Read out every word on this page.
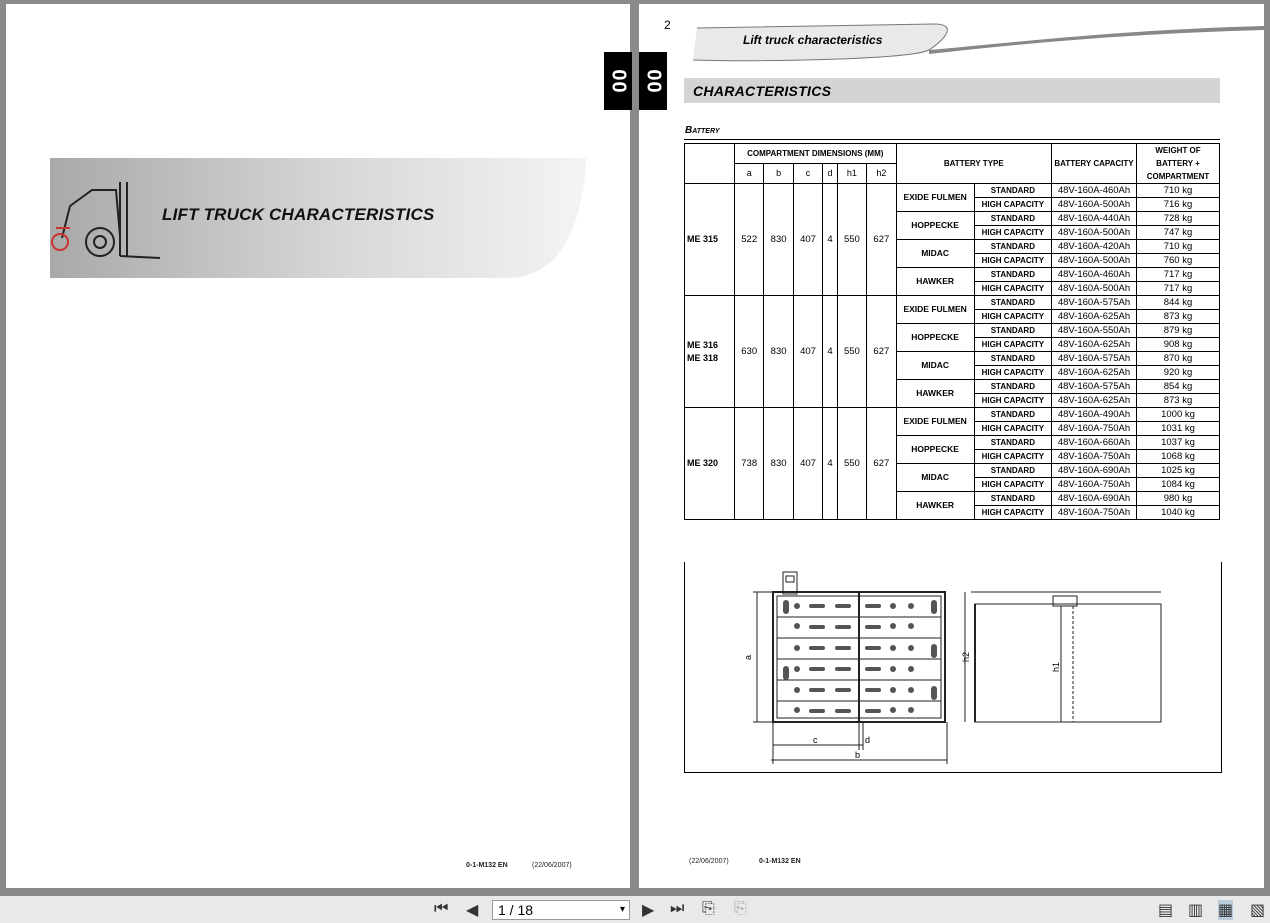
00
LIFT TRUCK CHARACTERISTICS
0-1-M132 EN	(22/06/2007)
00
2
Lift truck characteristics
CHARACTERISTICS
Battery
	COMPARTMENT DIMENSIONS (MM)						BATTERY TYPE		BATTERY CAPACITY	WEIGHT OF BATTERY + COMPARTMENT
	a	b	c	d	h1	h2				
ME 315	522	830	407	4	550	627	EXIDE FULMEN	STANDARD	48V-160A-460Ah	710 kg
								HIGH CAPACITY	48V-160A-500Ah	716 kg
							HOPPECKE	STANDARD	48V-160A-440Ah	728 kg
								HIGH CAPACITY	48V-160A-500Ah	747 kg
							MIDAC	STANDARD	48V-160A-420Ah	710 kg
								HIGH CAPACITY	48V-160A-500Ah	760 kg
							HAWKER	STANDARD	48V-160A-460Ah	717 kg
								HIGH CAPACITY	48V-160A-500Ah	717 kg
ME 316
ME 318	630	830	407	4	550	627	EXIDE FULMEN	STANDARD	48V-160A-575Ah	844 kg
								HIGH CAPACITY	48V-160A-625Ah	873 kg
							HOPPECKE	STANDARD	48V-160A-550Ah	879 kg
								HIGH CAPACITY	48V-160A-625Ah	908 kg
							MIDAC	STANDARD	48V-160A-575Ah	870 kg
								HIGH CAPACITY	48V-160A-625Ah	920 kg
							HAWKER	STANDARD	48V-160A-575Ah	854 kg
								HIGH CAPACITY	48V-160A-625Ah	873 kg
ME 320	738	830	407	4	550	627	EXIDE FULMEN	STANDARD	48V-160A-490Ah	1000 kg
								HIGH CAPACITY	48V-160A-750Ah	1031 kg
							HOPPECKE	STANDARD	48V-160A-660Ah	1037 kg
								HIGH CAPACITY	48V-160A-750Ah	1068 kg
							MIDAC	STANDARD	48V-160A-690Ah	1025 kg
								HIGH CAPACITY	48V-160A-750Ah	1084 kg
							HAWKER	STANDARD	48V-160A-690Ah	980 kg
								HIGH CAPACITY	48V-160A-750Ah	1040 kg
a
c	d
b
h2
h1
(22/06/2007)	0-1-M132 EN
⏮ ◀	▶ ⏭ ⎘ ⎘	▤ ▥ ▦ ▧
1 / 18	▾
